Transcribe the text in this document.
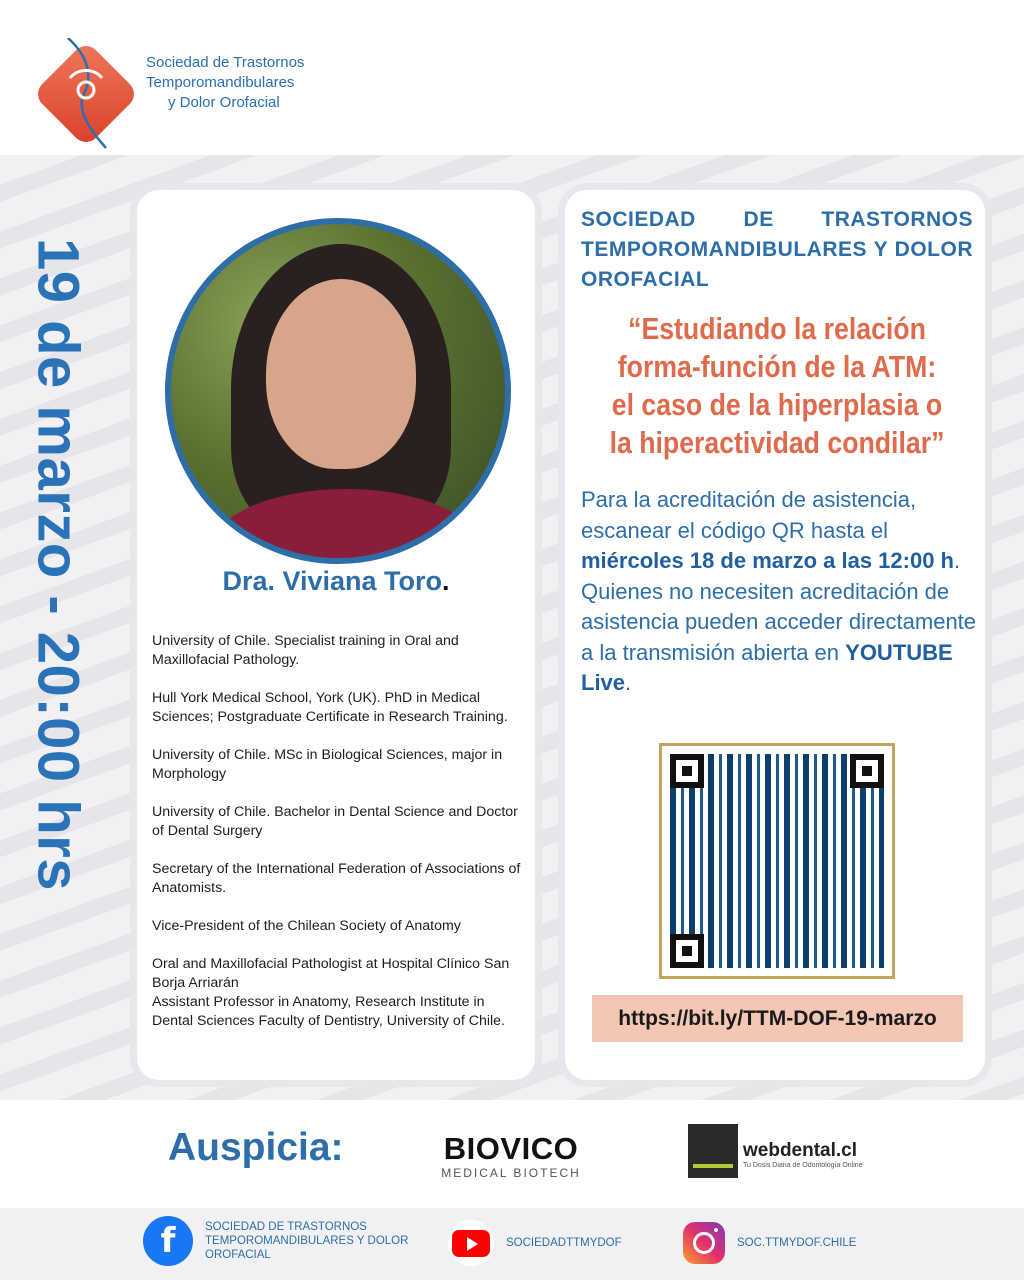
Sociedad de Trastornos
Temporomandibulares
y Dolor Orofacial
19 de marzo - 20:00 hrs	Dra. Viviana Toro.

University of Chile. Specialist training in Oral and Maxillofacial Pathology.

Hull York Medical School, York (UK). PhD in Medical Sciences; Postgraduate Certificate in Research Training.

University of Chile. MSc in Biological Sciences, major in Morphology

University of Chile. Bachelor in Dental Science and Doctor of Dental Surgery

Secretary of the International Federation of Associations of Anatomists.

Vice-President of the Chilean Society of Anatomy

Oral and Maxillofacial Pathologist at Hospital Clínico San Borja Arriarán

Assistant Professor in Anatomy, Research Institute in Dental Sciences Faculty of Dentistry, University of Chile.

SOCIEDAD DE TRASTORNOS TEMPOROMANDIBULARES Y DOLOR OROFACIAL
“Estudiando la relación forma-función de la ATM: el caso de la hiperplasia o la hiperactividad condilar”
Para la acreditación de asistencia, escanear el código QR hasta el miércoles 18 de marzo a las 12:00 h. Quienes no necesiten acreditación de asistencia pueden acceder directamente a la transmisión abierta en YOUTUBE Live.
https://bit.ly/TTM-DOF-19-marzo
Auspicia:	BIOVICO
MEDICAL BIOTECH
webdental.cl
Tu Dosis Diaria de Odontología Online
f	SOCIEDAD DE TRASTORNOS TEMPOROMANDIBULARES Y DOLOR OROFACIAL
SOCIEDADTTMYDOF	SOC.TTMYDOF.CHILE
